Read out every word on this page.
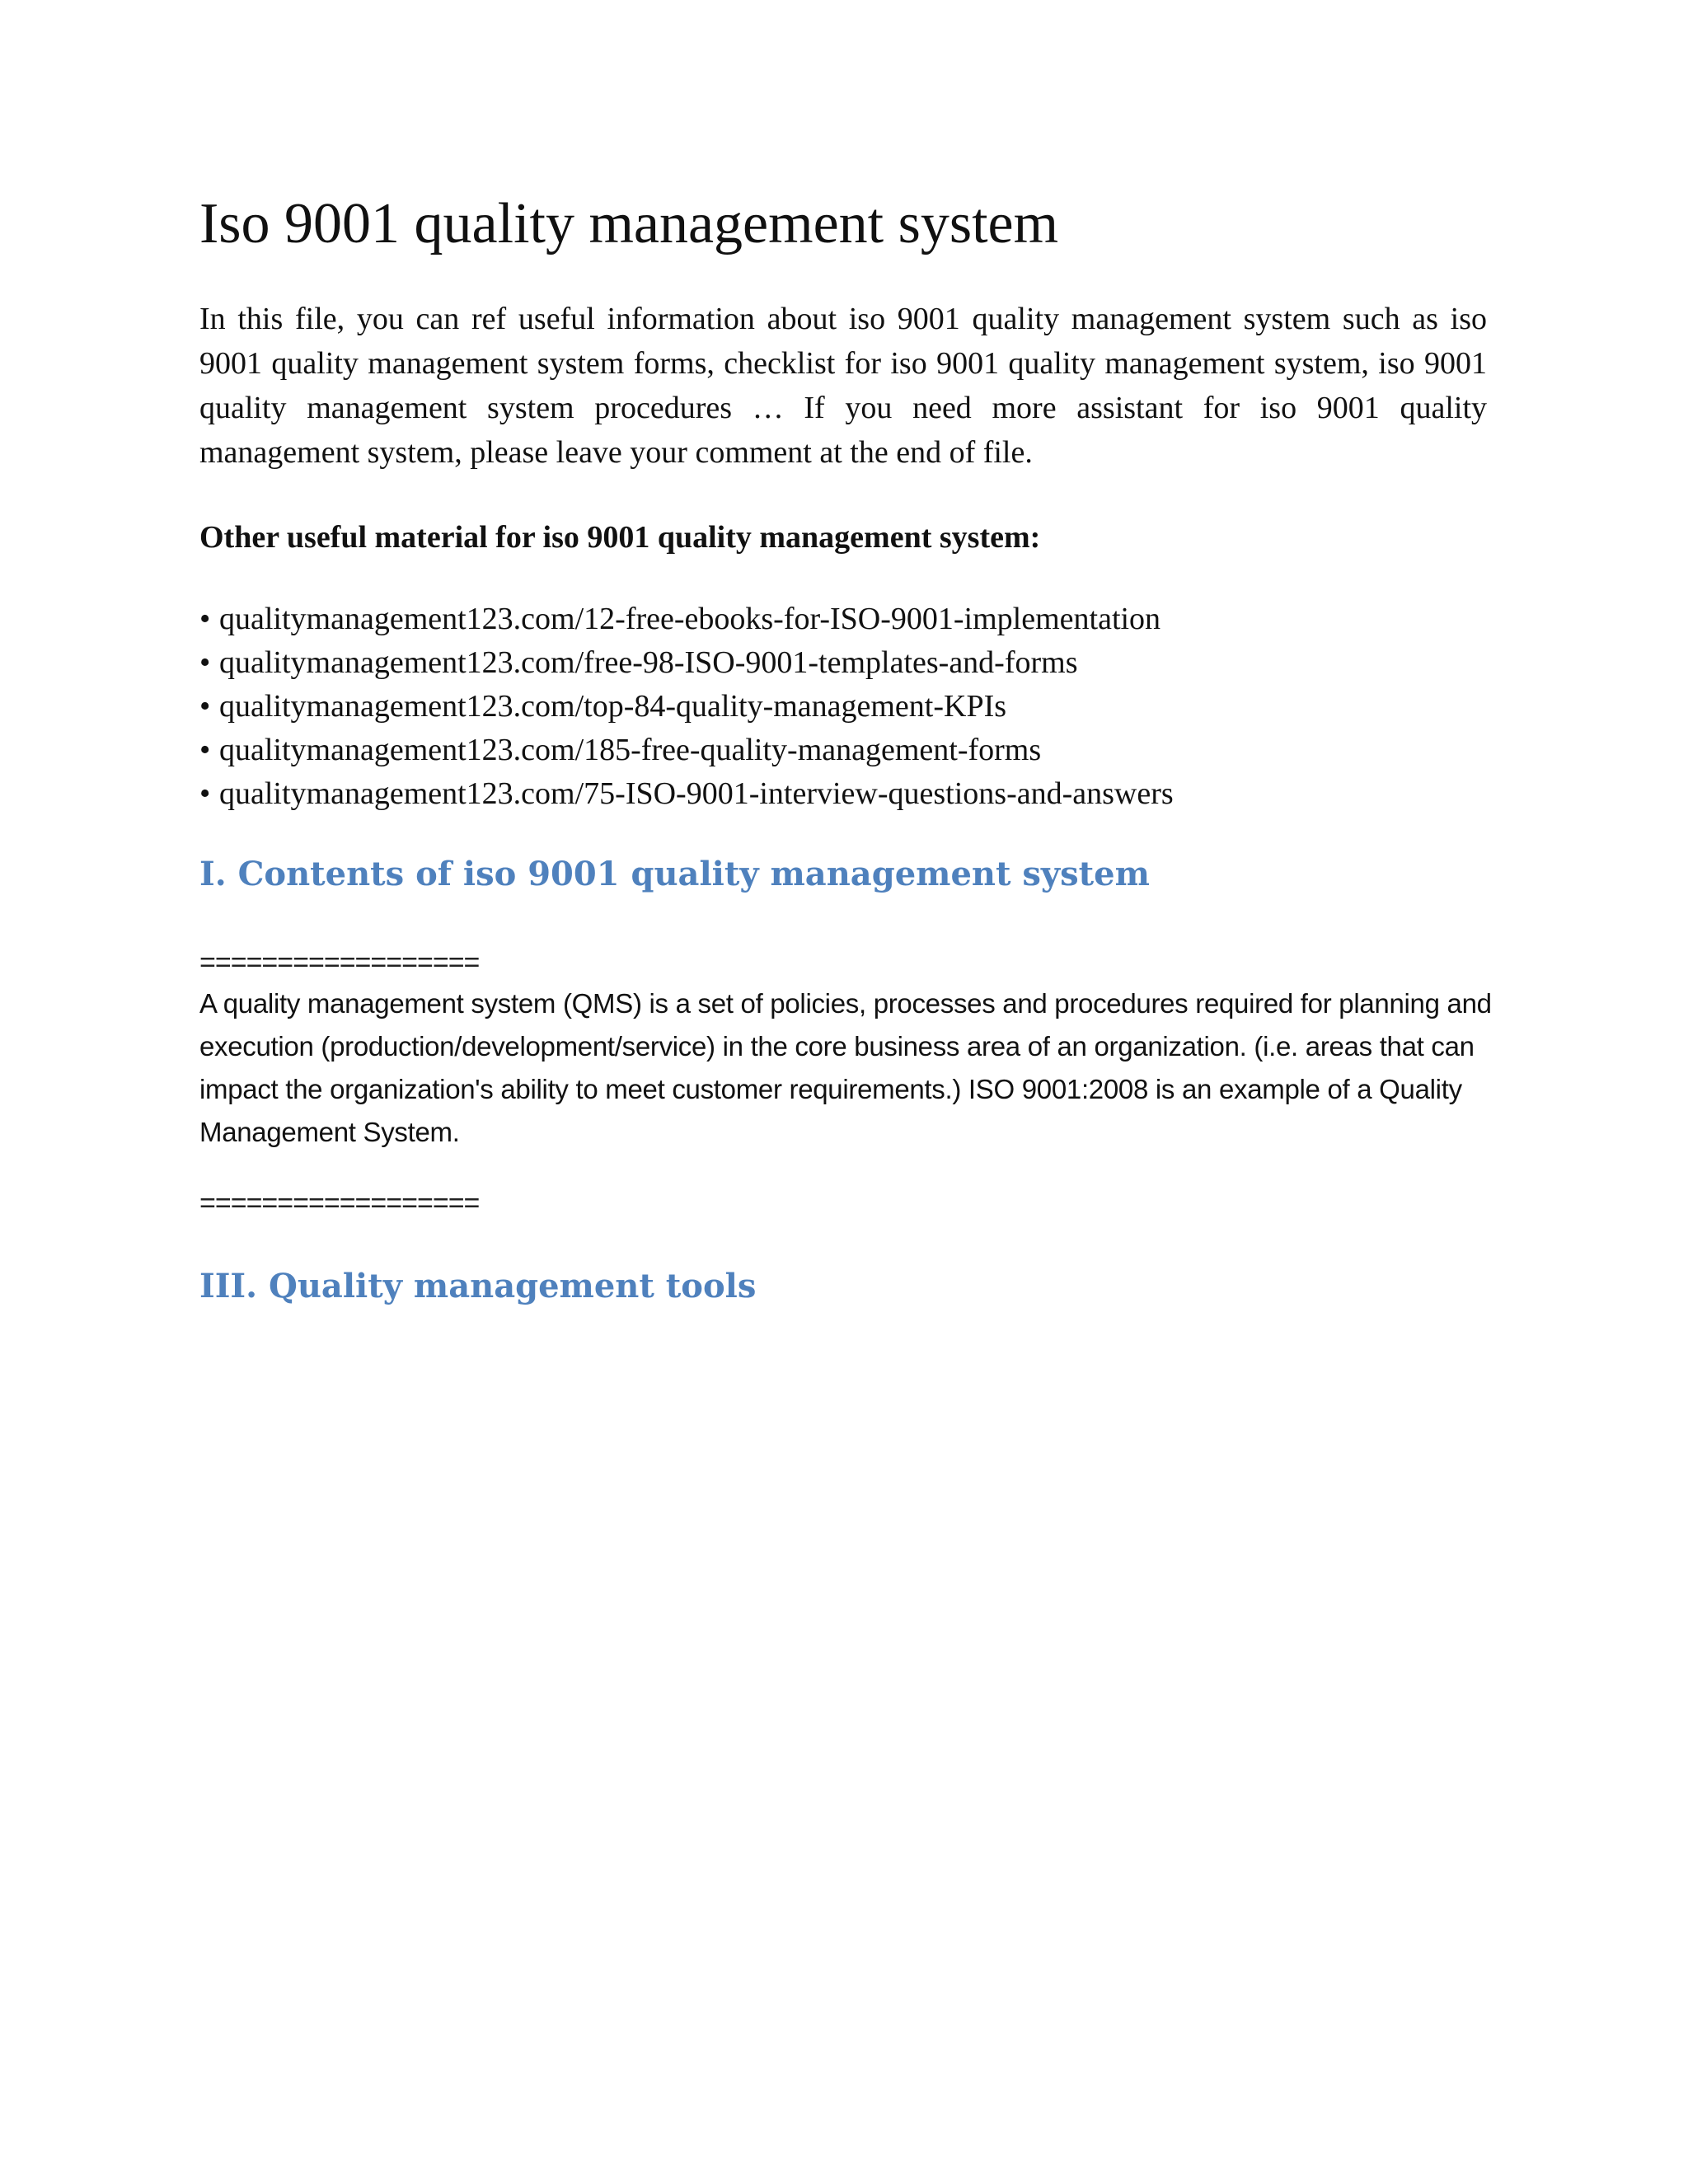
Iso 9001 quality management system

In this file, you can ref useful information about iso 9001 quality management system such as iso 9001 quality management system forms, checklist for iso 9001 quality management system, iso 9001 quality management system procedures … If you need more assistant for iso 9001 quality management system, please leave your comment at the end of file.

Other useful material for iso 9001 quality management system:

• qualitymanagement123.com/12-free-ebooks-for-ISO-9001-implementation
• qualitymanagement123.com/free-98-ISO-9001-templates-and-forms
• qualitymanagement123.com/top-84-quality-management-KPIs
• qualitymanagement123.com/185-free-quality-management-forms
• qualitymanagement123.com/75-ISO-9001-interview-questions-and-answers
I. Contents of iso 9001 quality management system

==================

A quality management system (QMS) is a set of policies, processes and procedures required for planning and execution (production/development/service) in the core business area of an organization. (i.e. areas that can impact the organization's ability to meet customer requirements.) ISO 9001:2008 is an example of a Quality Management System.

==================

III. Quality management tools
